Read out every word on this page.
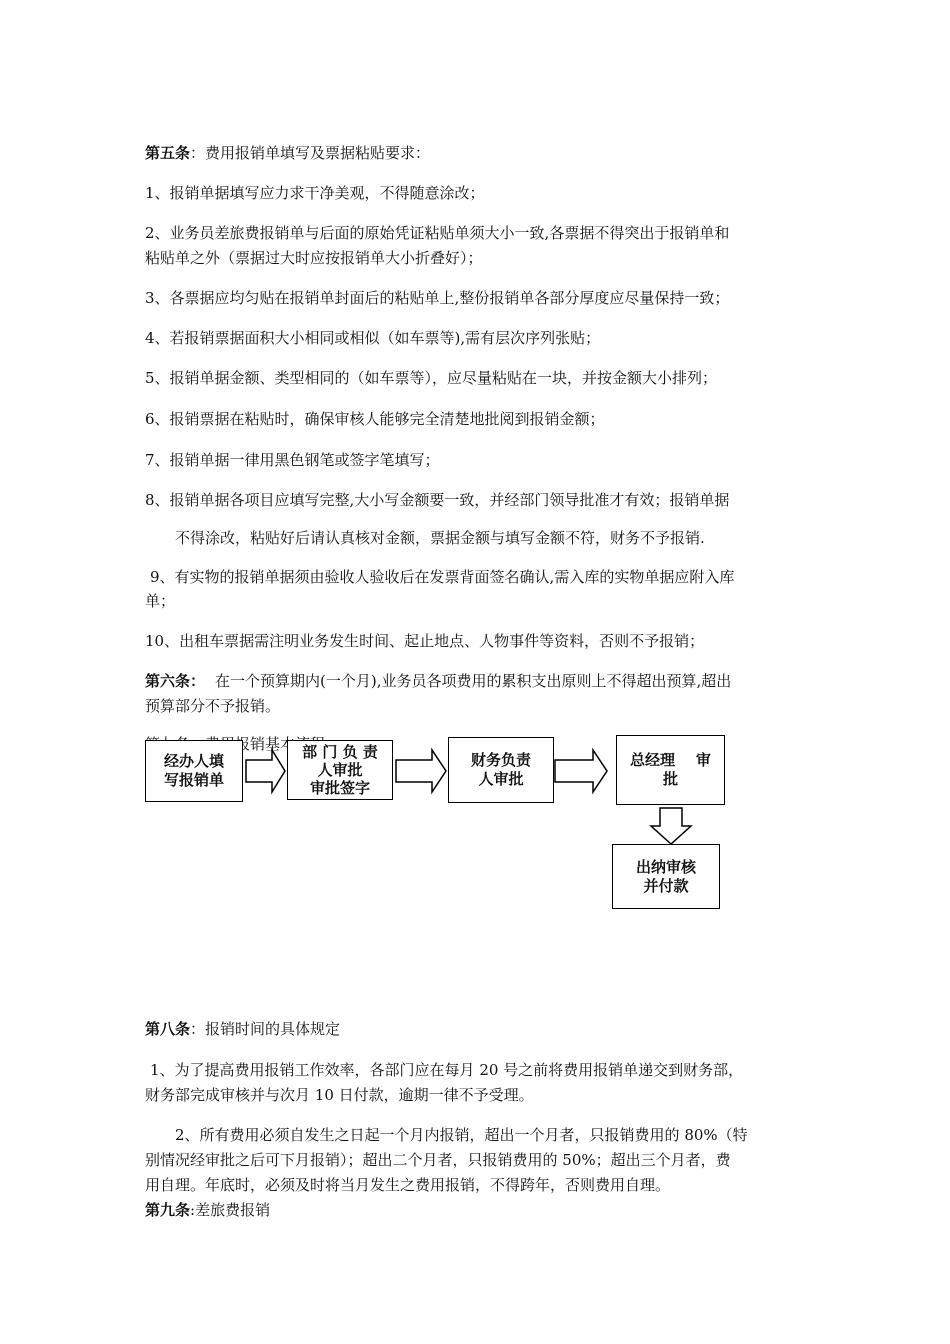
第五条：费用报销单填写及票据粘贴要求：
1、报销单据填写应力求干净美观，不得随意涂改；
2、业务员差旅费报销单与后面的原始凭证粘贴单须大小一致,各票据不得突出于报销单和
粘贴单之外（票据过大时应按报销单大小折叠好）；
3、各票据应均匀贴在报销单封面后的粘贴单上,整份报销单各部分厚度应尽量保持一致；
4、若报销票据面积大小相同或相似（如车票等),需有层次序列张贴；
5、报销单据金额、类型相同的（如车票等），应尽量粘贴在一块，并按金额大小排列；
6、报销票据在粘贴时，确保审核人能够完全清楚地批阅到报销金额；
7、报销单据一律用黑色钢笔或签字笔填写；
8、报销单据各项目应填写完整,大小写金额要一致，并经部门领导批准才有效；报销单据
不得涂改，粘贴好后请认真核对金额，票据金额与填写金额不符，财务不予报销.
9、有实物的报销单据须由验收人验收后在发票背面签名确认,需入库的实物单据应附入库
单；
10、出租车票据需注明业务发生时间、起止地点、人物事件等资料，否则不予报销；
第六条： 在一个预算期内(一个月),业务员各项费用的累积支出原则上不得超出预算,超出
预算部分不予报销。
经办人填
写报销单
部 门 负 责
人审批
审批签字
财务负责
人审批
总经理    审
批
出纳审核
并付款
第八条：报销时间的具体规定
1、为了提高费用报销工作效率，各部门应在每月 20 号之前将费用报销单递交到财务部，
财务部完成审核并与次月 10 日付款，逾期一律不予受理。
2、所有费用必须自发生之日起一个月内报销，超出一个月者，只报销费用的 80%（特
别情况经审批之后可下月报销）；超出二个月者，只报销费用的 50%；超出三个月者，费
用自理。年底时，必须及时将当月发生之费用报销，不得跨年，否则费用自理。
第九条:差旅费报销
